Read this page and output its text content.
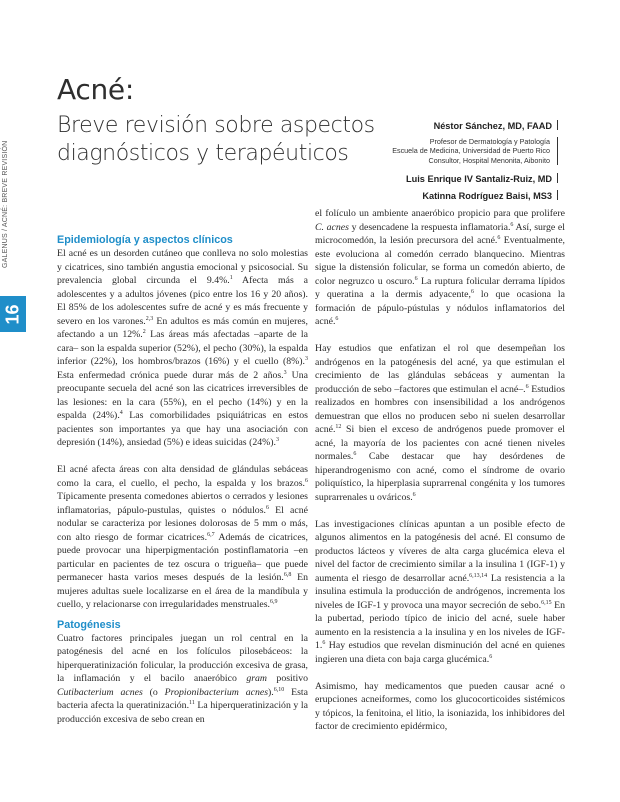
GALENUS / ACNÉ: BREVE REVISIÓN
16
Acné:
Breve revisión sobre aspectos
diagnósticos y terapéuticos
Néstor Sánchez, MD, FAAD
Profesor de Dermatología y Patología
Escuela de Medicina, Universidad de Puerto Rico
Consultor, Hospital Menonita, Aibonito
Luis Enrique IV Santaliz-Ruiz, MD
Katinna Rodríguez Baisi, MS3
Epidemiología y aspectos clínicos

El acné es un desorden cutáneo que conlleva no solo molestias y cicatrices, sino también angustia emocional y psicosocial. Su prevalencia global circunda el 9.4%.$^1$ Afecta más a adolescentes y a adultos jóvenes (pico entre los 16 y 20 años). El 85% de los adolescentes sufre de acné y es más frecuente y severo en los varones.$^{2,3}$ En adultos es más común en mujeres, afectando a un 12%.$^2$ Las áreas más afectadas –aparte de la cara– son la espalda superior (52%), el pecho (30%), la espalda inferior (22%), los hombros/brazos (16%) y el cuello (8%).$^3$ Esta enfermedad crónica puede durar más de 2 años.$^3$ Una preocupante secuela del acné son las cicatrices irreversibles de las lesiones: en la cara (55%), en el pecho (14%) y en la espalda (24%).$^4$ Las comorbilidades psiquiátricas en estos pacientes son importantes ya que hay una asociación con depresión (14%), ansiedad (5%) e ideas suicidas (24%).$^3$

El acné afecta áreas con alta densidad de glándulas sebáceas como la cara, el cuello, el pecho, la espalda y los brazos.$^6$ Típicamente presenta comedones abiertos o cerrados y lesiones inflamatorias, pápulo-pustulas, quistes o nódulos.$^6$ El acné nodular se caracteriza por lesiones dolorosas de 5 mm o más, con alto riesgo de formar cicatrices.$^{6,7}$ Además de cicatrices, puede provocar una hiperpigmentación postinflamatoria –en particular en pacientes de tez oscura o trigueña– que puede permanecer hasta varios meses después de la lesión.$^{6,8}$ En mujeres adultas suele localizarse en el área de la mandíbula y cuello, y relacionarse con irregularidades menstruales.$^{6,9}$

Patogénesis

Cuatro factores principales juegan un rol central en la patogénesis del acné en los folículos pilosebáceos: la hiperqueratinización folicular, la producción excesiva de grasa, la inflamación y el bacilo anaeróbico gram positivo Cutibacterium acnes (o Propionibacterium acnes).$^{6,10}$ Esta bacteria afecta la queratinización.$^{11}$ La hiperqueratinización y la producción excesiva de sebo crean en

el folículo un ambiente anaeróbico propicio para que prolifere C. acnes y desencadene la respuesta inflamatoria.$^6$ Así, surge el microcomedón, la lesión precursora del acné.$^6$ Eventualmente, este evoluciona al comedón cerrado blanquecino. Mientras sigue la distensión folicular, se forma un comedón abierto, de color negruzco u oscuro.$^6$ La ruptura folicular derrama lípidos y queratina a la dermis adyacente,$^6$ lo que ocasiona la formación de pápulo-pústulas y nódulos inflamatorios del acné.$^6$

Hay estudios que enfatizan el rol que desempeñan los andrógenos en la patogénesis del acné, ya que estimulan el crecimiento de las glándulas sebáceas y aumentan la producción de sebo –factores que estimulan el acné–.$^6$ Estudios realizados en hombres con insensibilidad a los andrógenos demuestran que ellos no producen sebo ni suelen desarrollar acné.$^{12}$ Si bien el exceso de andrógenos puede promover el acné, la mayoría de los pacientes con acné tienen niveles normales.$^6$ Cabe destacar que hay desórdenes de hiperandrogenismo con acné, como el síndrome de ovario poliquístico, la hiperplasia suprarrenal congénita y los tumores suprarrenales u ováricos.$^6$

Las investigaciones clínicas apuntan a un posible efecto de algunos alimentos en la patogénesis del acné. El consumo de productos lácteos y víveres de alta carga glucémica eleva el nivel del factor de crecimiento similar a la insulina 1 (IGF-1) y aumenta el riesgo de desarrollar acné.$^{6,13,14}$ La resistencia a la insulina estimula la producción de andrógenos, incrementa los niveles de IGF-1 y provoca una mayor secreción de sebo.$^{6,15}$ En la pubertad, periodo típico de inicio del acné, suele haber aumento en la resistencia a la insulina y en los niveles de IGF-1.$^6$ Hay estudios que revelan disminución del acné en quienes ingieren una dieta con baja carga glucémica.$^6$

Asimismo, hay medicamentos que pueden causar acné o erupciones acneiformes, como los glucocorticoides sistémicos y tópicos, la fenitoina, el litio, la isoniazida, los inhibidores del factor de crecimiento epidérmico,
